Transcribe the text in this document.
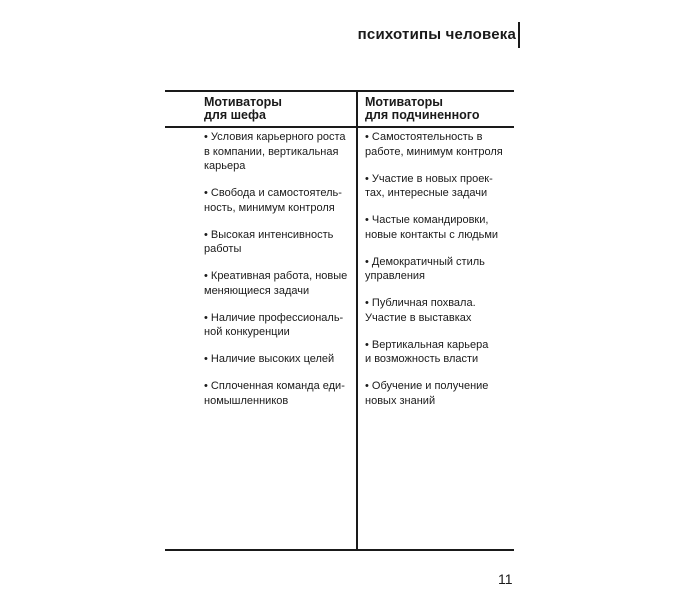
психотипы человека
Мотиваторы
для шефа
• Условия карьерного роста
в компании, вертикальная
карьера
• Свобода и самостоятель-
ность, минимум контроля
• Высокая интенсивность
работы
• Креативная работа, новые
меняющиеся задачи
• Наличие профессиональ-
ной конкуренции
• Наличие высоких целей
• Сплоченная команда еди-
номышленников
Мотиваторы
для подчиненного
• Самостоятельность в
работе, минимум контроля
• Участие в новых проек-
тах, интересные задачи
• Частые командировки,
новые контакты с людьми
• Демократичный стиль
управления
• Публичная похвала.
Участие в выставках
• Вертикальная карьера
и возможность власти
• Обучение и получение
новых знаний
11
